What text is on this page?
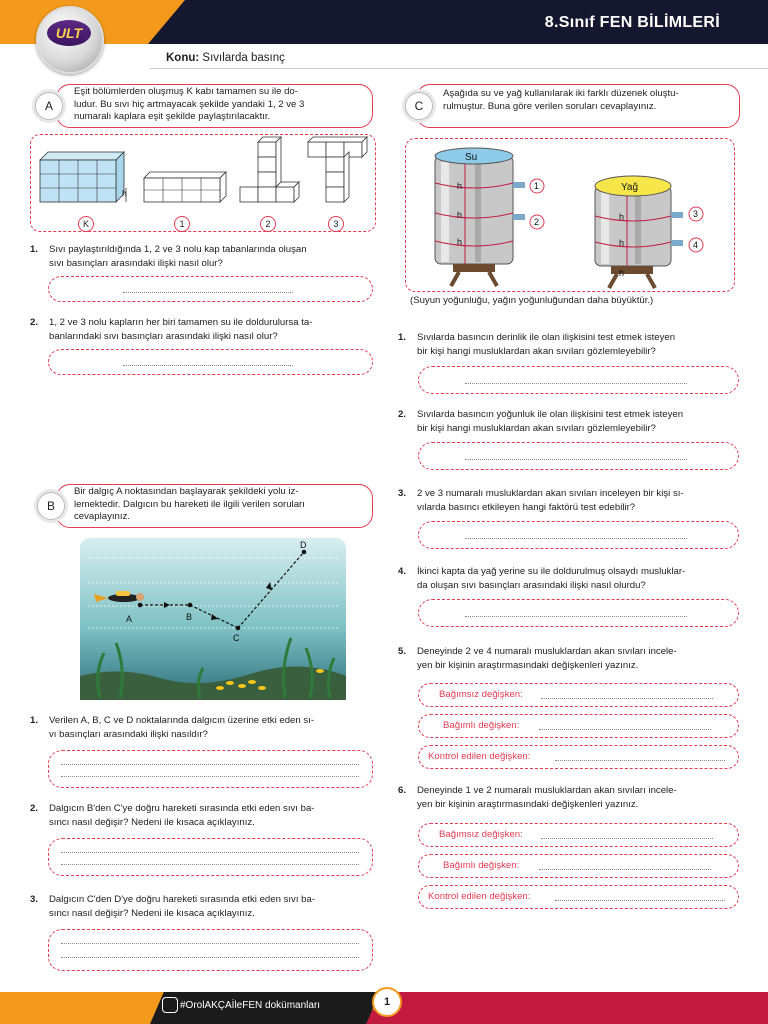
ULT
8.Sınıf FEN BİLİMLERİ
Konu: Sıvılarda basınç
A
Eşit bölümlerden oluşmuş K kabı tamamen su ile do-
ludur. Bu sıvı hiç artmayacak şekilde yandaki 1, 2 ve 3
numaralı kaplara eşit şekilde paylaştırılacaktır.
h
K	1	2	3
1. Sıvı paylaştırıldığında 1, 2 ve 3 nolu kap tabanlarında oluşan
sıvı basınçları arasındaki ilişki nasıl olur?
2. 1, 2 ve 3 nolu kapların her biri tamamen su ile doldurulursa ta-
banlarındaki sıvı basınçları arasındaki ilişki nasıl olur?
B
Bir dalgıç A noktasından başlayarak şekildeki yolu iz-
lemektedir. Dalgıcın bu hareketi ile ilgili verilen soruları
cevaplayınız.
A	B
C
D
1. Verilen A, B, C ve D noktalarında dalgıcın üzerine etki eden sı-
vı basınçları arasındaki ilişki nasıldır?
2. Dalgıcın B'den C'ye doğru hareketi sırasında etki eden sıvı ba-
sıncı nasıl değişir? Nedeni ile kısaca açıklayınız.
3. Dalgıcın C'den D'ye doğru hareketi sırasında etki eden sıvı ba-
sıncı nasıl değişir? Nedeni ile kısaca açıklayınız.
C
Aşağıda su ve yağ kullanılarak iki farklı düzenek oluştu-
rulmuştur. Buna göre verilen soruları cevaplayınız.
Su
Yağ
h
h
h
h
h
h
1
2
3
4
(Suyun yoğunluğu, yağın yoğunluğundan daha büyüktür.)
1. Sıvılarda basıncın derinlik ile olan ilişkisini test etmek isteyen
bir kişi hangi musluklardan akan sıvıları gözlemleyebilir?
2. Sıvılarda basıncın yoğunluk ile olan ilişkisini test etmek isteyen
bir kişi hangi musluklardan akan sıvıları gözlemleyebilir?
3. 2 ve 3 numaralı musluklardan akan sıvıları inceleyen bir kişi sı-
vılarda basıncı etkileyen hangi faktörü test edebilir?
4. İkinci kapta da yağ yerine su ile doldurulmuş olsaydı musluklar-
da oluşan sıvı basınçları arasındaki ilişki nasıl olurdu?
5. Deneyinde 2 ve 4 numaralı musluklardan akan sıvıları incele-
yen bir kişinin araştırmasındaki değişkenleri yazınız.
Bağımsız değişken:
Bağımlı değişken:
Kontrol edilen değişken:
6. Deneyinde 1 ve 2 numaralı musluklardan akan sıvıları incele-
yen bir kişinin araştırmasındaki değişkenleri yazınız.
Bağımsız değişken:
Bağımlı değişken:
Kontrol edilen değişken:
#OrolAKÇAİleFEN dokümanları	1
